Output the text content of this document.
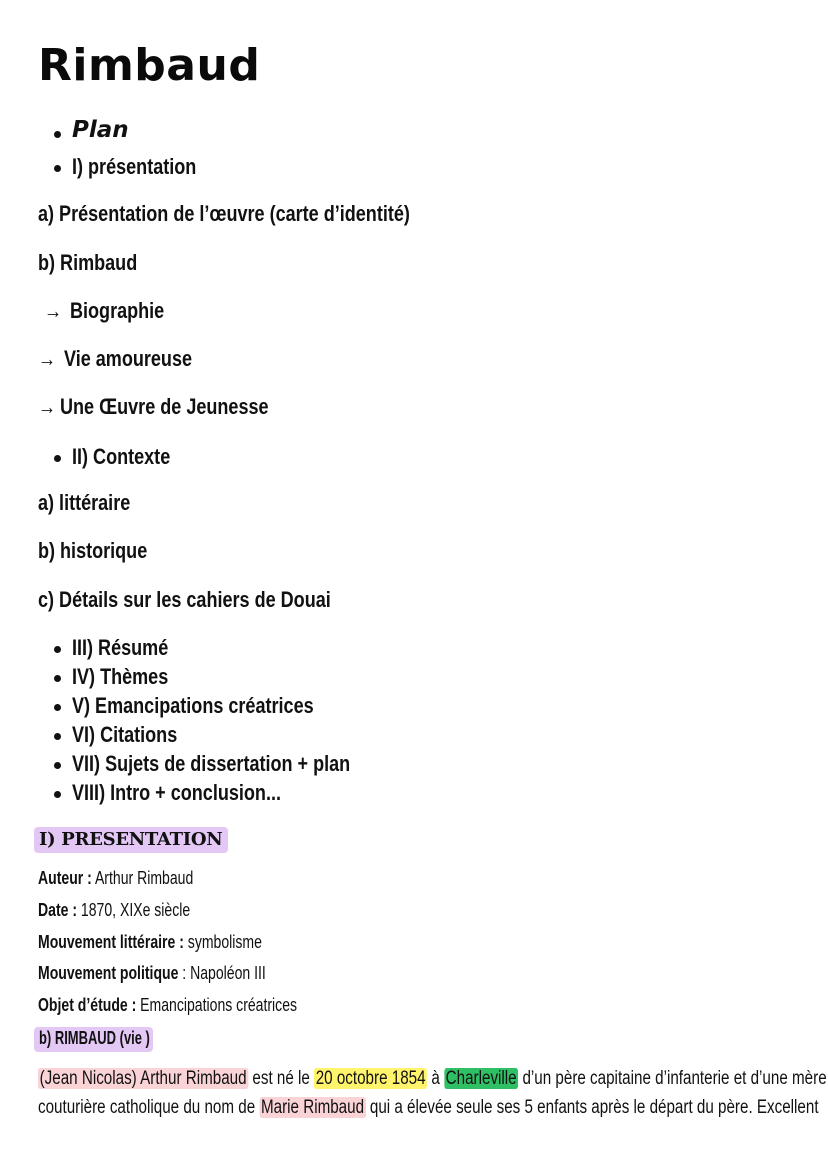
Rimbaud
Plan
I) présentation
a) Présentation de l’œuvre (carte d’identité)
b) Rimbaud
→ Biographie
→ Vie amoureuse
→ Une Œuvre de Jeunesse
II) Contexte
a) littéraire
b) historique
c) Détails sur les cahiers de Douai
III) Résumé
IV) Thèmes
V) Emancipations créatrices
VI) Citations
VII) Sujets de dissertation + plan
VIII) Intro + conclusion...
I) PRESENTATION
Auteur : Arthur Rimbaud
Date : 1870, XIXe siècle
Mouvement littéraire : symbolisme
Mouvement politique : Napoléon III
Objet d’étude : Emancipations créatrices
b) RIMBAUD (vie )
(Jean Nicolas) Arthur Rimbaud est né le 20 octobre 1854 à Charleville d’un père capitaine d’infanterie et d’une mère
couturière catholique du nom de Marie Rimbaud qui a élevée seule ses 5 enfants après le départ du père. Excellent
